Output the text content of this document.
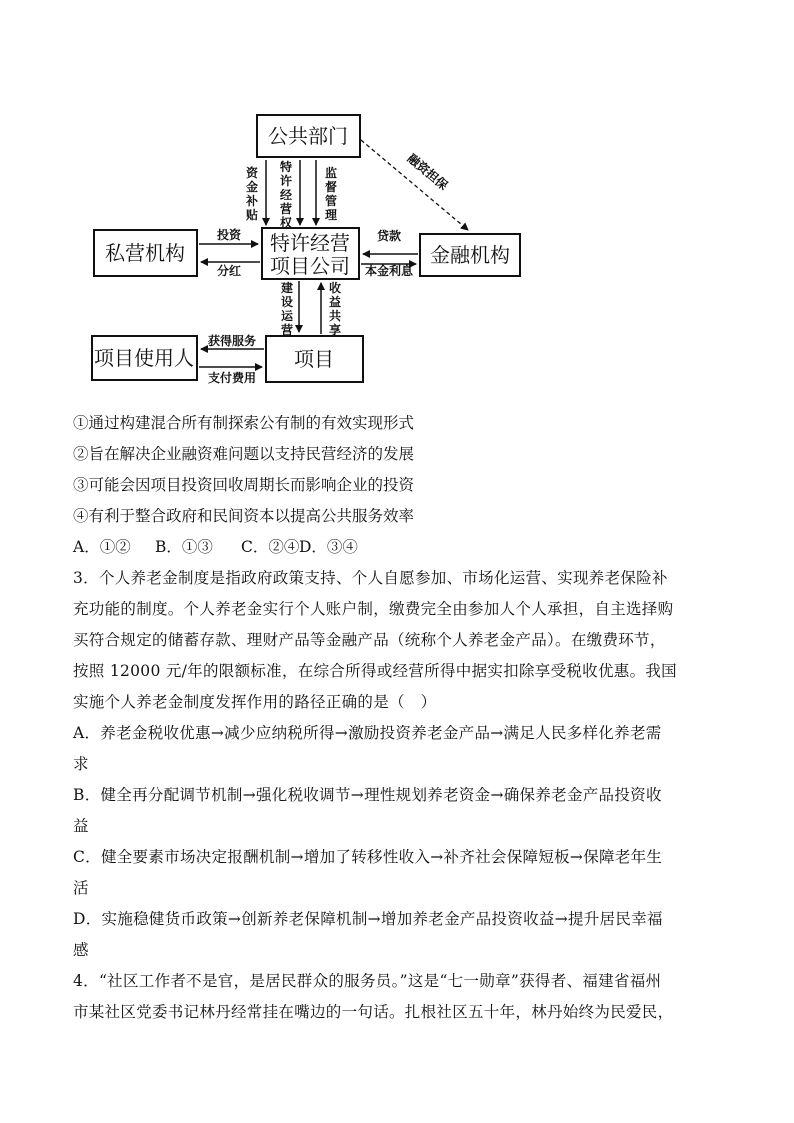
公共部门
私营机构	特许经营
项目公司	金融机构
项目使用人	项目
资
金
补
贴
特
许
经
营
权
监
督
管
理
融资担保
投资
分红
贷款
本金利息
建
设
运
营
收
益
共
享
获得服务
支付费用
①通过构建混合所有制探索公有制的有效实现形式
②旨在解决企业融资难问题以支持民营经济的发展
③可能会因项目投资回收周期长而影响企业的投资
④有利于整合政府和民间资本以提高公共服务效率
A．①② B．①③ C．②④D．③④
3．个人养老金制度是指政府政策支持、个人自愿参加、市场化运营、实现养老保险补
充功能的制度。个人养老金实行个人账户制，缴费完全由参加人个人承担，自主选择购
买符合规定的储蓄存款、理财产品等金融产品（统称个人养老金产品）。在缴费环节，
按照 12000 元/年的限额标准，在综合所得或经营所得中据实扣除享受税收优惠。我国
实施个人养老金制度发挥作用的路径正确的是（　）
A．养老金税收优惠→减少应纳税所得→激励投资养老金产品→满足人民多样化养老需
求
B．健全再分配调节机制→强化税收调节→理性规划养老资金→确保养老金产品投资收
益
C．健全要素市场决定报酬机制→增加了转移性收入→补齐社会保障短板→保障老年生
活
D．实施稳健货币政策→创新养老保障机制→增加养老金产品投资收益→提升居民幸福
感
4．“社区工作者不是官，是居民群众的服务员。”这是“七一勋章”获得者、福建省福州
市某社区党委书记林丹经常挂在嘴边的一句话。扎根社区五十年，林丹始终为民爱民，
